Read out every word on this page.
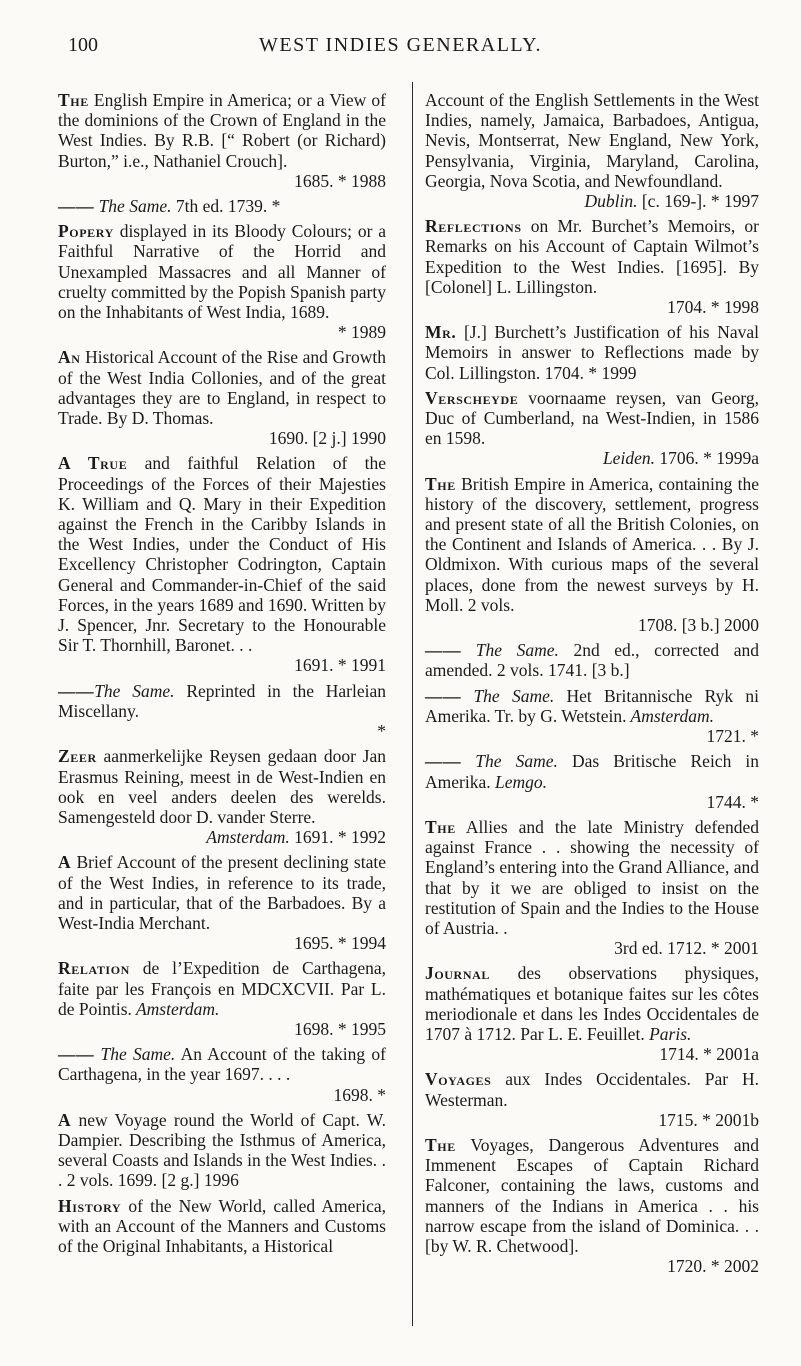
100	WEST INDIES GENERALLY.

The English Empire in America; or a View of the dominions of the Crown of England in the West Indies. By R.B. [“ Robert (or Richard) Burton,” i.e., Nathaniel Crouch].
1685. * 1988

—— The Same. 7th ed. 1739. *

Popery displayed in its Bloody Colours; or a Faithful Narrative of the Horrid and Unexampled Massacres and all Manner of cruelty committed by the Popish Spanish party on the Inhabitants of West India, 1689.
* 1989

An Historical Account of the Rise and Growth of the West India Collonies, and of the great advantages they are to England, in respect to Trade. By D. Thomas.
1690. [2 j.] 1990

A True and faithful Relation of the Proceedings of the Forces of their Majesties K. William and Q. Mary in their Expedition against the French in the Caribby Islands in the West Indies, under the Conduct of His Excellency Christopher Codrington, Captain General and Commander-in-Chief of the said Forces, in the years 1689 and 1690. Written by J. Spencer, Jnr. Secretary to the Honourable Sir T. Thornhill, Baronet. . .
1691. * 1991

——The Same. Reprinted in the Harleian Miscellany.
*

Zeer aanmerkelijke Reysen gedaan door Jan Erasmus Reining, meest in de West-Indien en ook en veel anders deelen des werelds. Samengesteld door D. vander Sterre.
Amsterdam. 1691. * 1992

A Brief Account of the present declining state of the West Indies, in reference to its trade, and in particular, that of the Barbadoes. By a West-India Merchant.
1695. * 1994

Relation de l’Expedition de Carthagena, faite par les François en MDCXCVII. Par L. de Pointis. Amsterdam.
1698. * 1995

—— The Same. An Account of the taking of Carthagena, in the year 1697. . . .
1698. *

A new Voyage round the World of Capt. W. Dampier. Describing the Isthmus of America, several Coasts and Islands in the West Indies. . . 2 vols. 1699. [2 g.] 1996

History of the New World, called America, with an Account of the Manners and Customs of the Original Inhabitants, a Historical

Account of the English Settlements in the West Indies, namely, Jamaica, Barbadoes, Antigua, Nevis, Montserrat, New England, New York, Pensylvania, Virginia, Maryland, Carolina, Georgia, Nova Scotia, and Newfoundland.
Dublin. [c. 169-]. * 1997

Reflections on Mr. Burchet’s Memoirs, or Remarks on his Account of Captain Wilmot’s Expedition to the West Indies. [1695]. By [Colonel] L. Lillingston.
1704. * 1998

Mr. [J.] Burchett’s Justification of his Naval Memoirs in answer to Reflections made by Col. Lillingston. 1704. * 1999

Verscheyde voornaame reysen, van Georg, Duc of Cumberland, na West-Indien, in 1586 en 1598.
Leiden. 1706. * 1999a

The British Empire in America, containing the history of the discovery, settlement, progress and present state of all the British Colonies, on the Continent and Islands of America. . . By J. Oldmixon. With curious maps of the several places, done from the newest surveys by H. Moll. 2 vols.
1708. [3 b.] 2000

—— The Same. 2nd ed., corrected and amended. 2 vols. 1741. [3 b.]

—— The Same. Het Britannische Ryk ni Amerika. Tr. by G. Wetstein. Amsterdam.
1721. *

—— The Same. Das Britische Reich in Amerika. Lemgo.
1744. *

The Allies and the late Ministry defended against France . . showing the necessity of England’s entering into the Grand Alliance, and that by it we are obliged to insist on the restitution of Spain and the Indies to the House of Austria. .
3rd ed. 1712. * 2001

Journal des observations physiques, mathématiques et botanique faites sur les côtes meriodionale et dans les Indes Occidentales de 1707 à 1712. Par L. E. Feuillet. Paris.
1714. * 2001a

Voyages aux Indes Occidentales. Par H. Westerman.
1715. * 2001b

The Voyages, Dangerous Adventures and Immenent Escapes of Captain Richard Falconer, containing the laws, customs and manners of the Indians in America . . his narrow escape from the island of Dominica. . . [by W. R. Chetwood].
1720. * 2002
